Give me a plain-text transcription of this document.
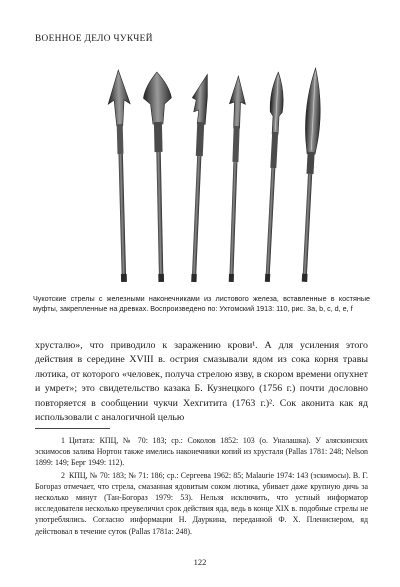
ВОЕННОЕ ДЕЛО ЧУКЧЕЙ
Чукотские стрелы с железными наконечниками из листового железа, вставленные в костяные муфты, закрепленные на древках. Воспроизведено по: Ухтомский 1913: 110, рис. 3a, b, c, d, e, f

хрусталю», что приводило к заражению крови¹. А для усиления этого действия в середине XVIII в. острия смазывали ядом из сока корня травы лютика, от которого «человек, получа стрелою язву, в скором времени опухнет и умрет»; это свидетельство казака Б. Кузнецкого (1756 г.) почти дословно повторяется в сообщении чукчи Хехгитита (1763 г.)². Сок аконита как яд использовали с аналогичной целью

1 Цитата: КПЦ, № 70: 183; ср.: Соколов 1852: 103 (о. Уналашка). У аляскинских эскимосов залива Нортон также имелись наконечники копий из хрусталя (Pallas 1781: 248; Nelson 1899: 149; Берг 1949: 112).

2 КПЦ, № 70: 183; № 71: 186; ср.: Сергеева 1962: 85; Malaurie 1974: 143 (эскимосы). В. Г. Богораз отмечает, что стрела, смазанная ядовитым соком лютика, убивает даже крупную дичь за несколько минут (Тан-Богораз 1979: 53). Нельзя исключить, что устный информатор исследователя несколько преувеличил срок действия яда, ведь в конце XIX в. подобные стрелы не употреблялись. Согласно информации Н. Дауркина, переданной Ф. Х. Плениснером, яд действовал в течение суток (Pallas 1781a: 248).

122
